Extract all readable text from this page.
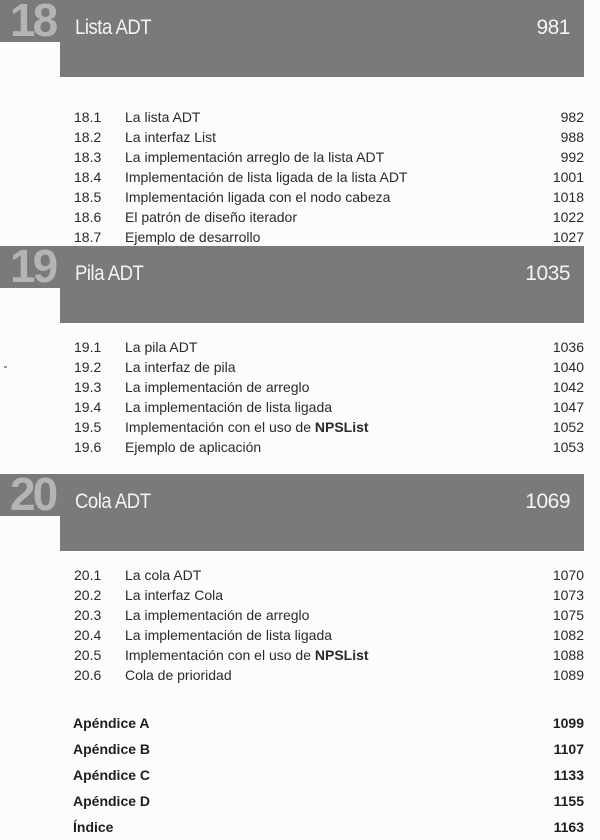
18 Lista ADT	981
18.1 La lista ADT	982
18.2 La interfaz List	988
18.3 La implementación arreglo de la lista ADT	992
18.4 Implementación de lista ligada de la lista ADT	1001
18.5 Implementación ligada con el nodo cabeza	1018
18.6 El patrón de diseño iterador	1022
18.7 Ejemplo de desarrollo	1027
19 Pila ADT	1035
19.1 La pila ADT	1036
19.2 La interfaz de pila	1040
19.3 La implementación de arreglo	1042
19.4 La implementación de lista ligada	1047
19.5 Implementación con el uso de NPSList	1052
19.6 Ejemplo de aplicación	1053
20 Cola ADT	1069
20.1 La cola ADT	1070
20.2 La interfaz Cola	1073
20.3 La implementación de arreglo	1075
20.4 La implementación de lista ligada	1082
20.5 Implementación con el uso de NPSList	1088
20.6 Cola de prioridad	1089
Apéndice A	1099
Apéndice B	1107
Apéndice C	1133
Apéndice D	1155
Índice	1163
